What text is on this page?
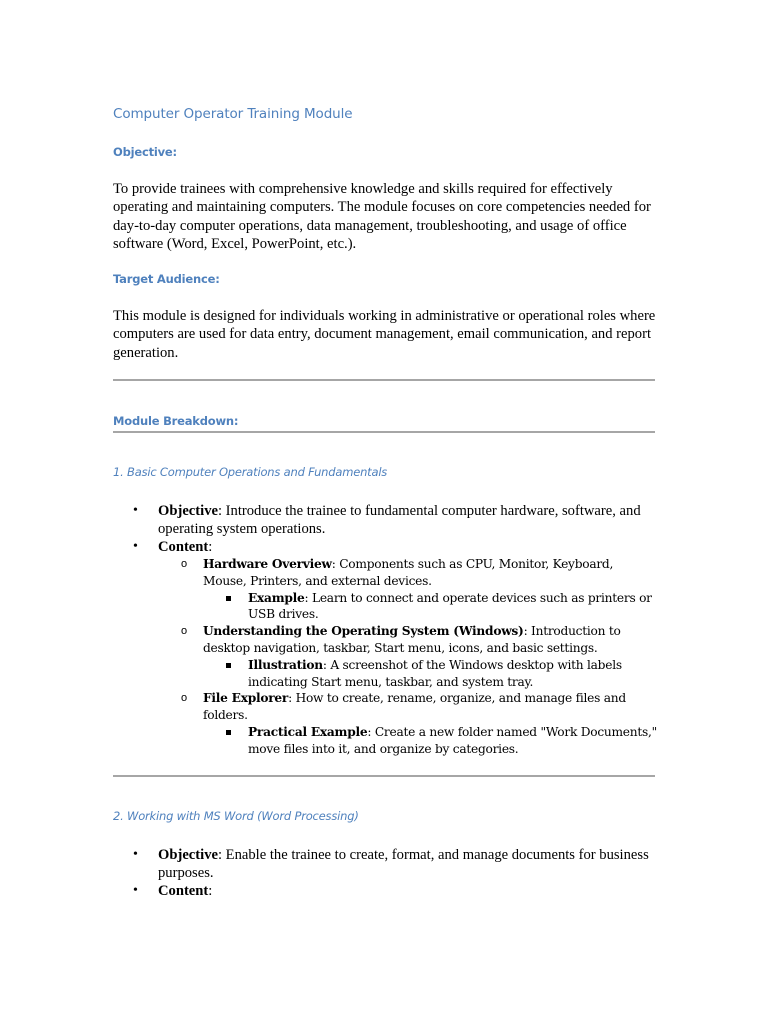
Computer Operator Training Module
Objective:

To provide trainees with comprehensive knowledge and skills required for effectively operating and maintaining computers. The module focuses on core competencies needed for day-to-day computer operations, data management, troubleshooting, and usage of office software (Word, Excel, PowerPoint, etc.).

Target Audience:

This module is designed for individuals working in administrative or operational roles where computers are used for data entry, document management, email communication, and report generation.

Module Breakdown:
1. Basic Computer Operations and Fundamentals
• Objective: Introduce the trainee to fundamental computer hardware, software, and operating system operations.
• Content:
o Hardware Overview: Components such as CPU, Monitor, Keyboard, Mouse, Printers, and external devices.
Example: Learn to connect and operate devices such as printers or USB drives.
o Understanding the Operating System (Windows): Introduction to desktop navigation, taskbar, Start menu, icons, and basic settings.
Illustration: A screenshot of the Windows desktop with labels indicating Start menu, taskbar, and system tray.
o File Explorer: How to create, rename, organize, and manage files and folders.
Practical Example: Create a new folder named "Work Documents," move files into it, and organize by categories.
2. Working with MS Word (Word Processing)
• Objective: Enable the trainee to create, format, and manage documents for business purposes.
• Content:
